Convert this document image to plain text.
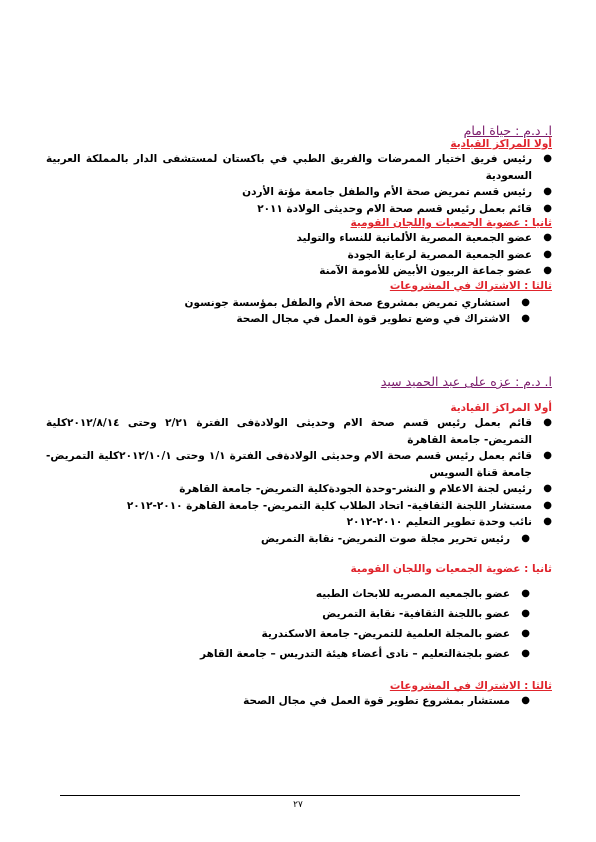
ا. د.م : حياة امام
أولا المراكز القيادية
●
رئيس فريق اختيار الممرضات والفريق الطبي في باكستان لمستشفى الدار بالمملكة العربية السعودية
●
رئيس قسم تمريض صحة الأم والطفل جامعة مؤتة الأردن
●
قائم بعمل رئيس قسم صحة الام وحديثى الولادة ٢٠١١
ثانيا : عضوية الجمعيات واللجان القومية
●
عضو الجمعية المصرية الألمانية للنساء والتوليد
●
عضو الجمعية المصرية لرعاية الجودة
●
عضو جماعة الربيون الأبيض للأمومة الآمنة
ثالثا : الاشتراك في المشروعات
●
استشاري تمريض بمشروع صحة الأم والطفل بمؤسسة جونسون
●
الاشتراك في وضع تطوير قوة العمل في مجال الصحة
ا. د.م : عزه على عبد الحميد سيد
أولا المراكز القيادية
●
قائم بعمل رئيس قسم صحة الام وحديثى الولادةفى الفترة ٢/٢١ وحتى ٢٠١٢/٨/١٤كلية التمريض- جامعة القاهرة
●
قائم بعمل رئيس قسم صحة الام وحديثى الولادةفى الفترة ١/١ وحتى ٢٠١٢/١٠/١كلية التمريض- جامعة قناة السويس
●
رئيس لجنة الاعلام و النشر-وحدة الجودةكلية التمريض- جامعة القاهرة
●
مستشار اللجنة الثقافية- اتحاد الطلاب كلية التمريض- جامعة القاهرة ٢٠١٠-٢٠١٢
●
نائب وحدة تطوير التعليم ٢٠١٠-٢٠١٢
●
رئيس تحرير مجلة صوت التمريض- نقابة التمريض
ثانيا : عضوية الجمعيات واللجان القومية
●
عضو بالجمعيه المصريه للابحاث الطبيه
●
عضو باللجنة الثقافية- نقابة التمريض
●
عضو بالمجلة العلمية للتمريض- جامعة الاسكندرية
●
عضو بلجنةالتعليم – نادى أعضاء هيئة التدريس – جامعة القاهر
ثالثا : الاشتراك في المشروعات
●
مستشار بمشروع تطوير قوة العمل في مجال الصحة
٢٧
